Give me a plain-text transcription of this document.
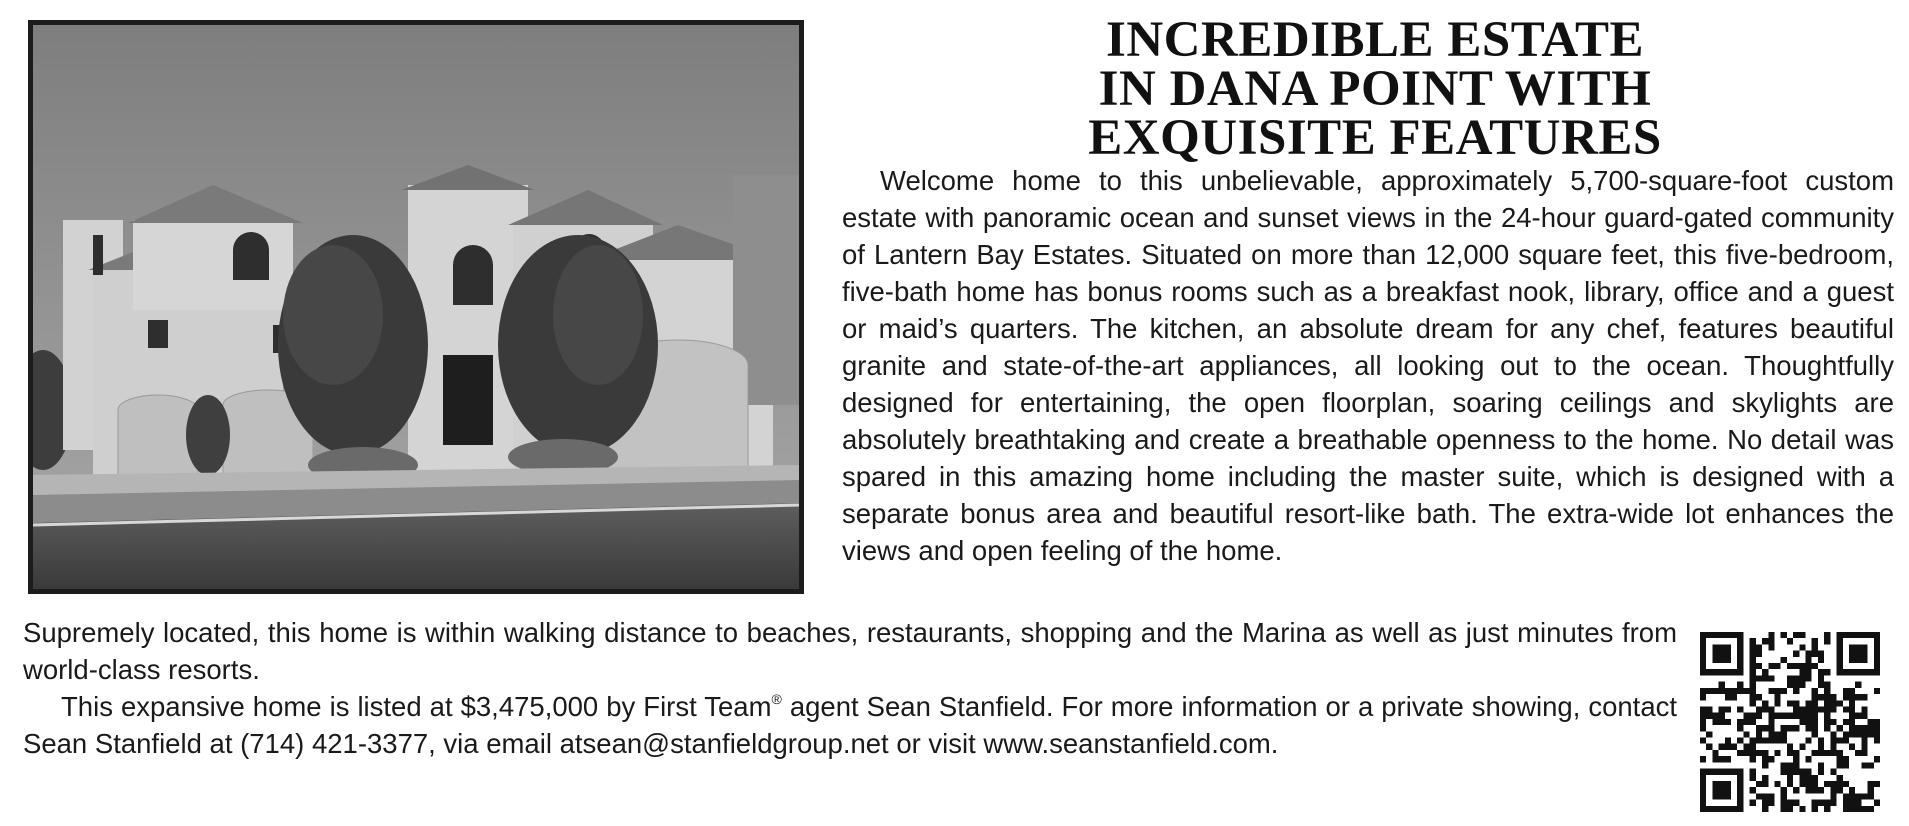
INCREDIBLE ESTATE
IN DANA POINT WITH
EXQUISITE FEATURES

Welcome home to this unbelievable, approximately 5,700-square-foot custom estate with panoramic ocean and sunset views in the 24-hour guard-gated community of Lantern Bay Estates. Situated on more than 12,000 square feet, this five-bedroom, five-bath home has bonus rooms such as a breakfast nook, library, office and a guest or maid’s quarters. The kitchen, an absolute dream for any chef, features beautiful granite and state-of-the-art appliances, all looking out to the ocean. Thoughtfully designed for entertaining, the open floorplan, soaring ceilings and skylights are absolutely breathtaking and create a breathable openness to the home. No detail was spared in this amazing home including the master suite, which is designed with a separate bonus area and beautiful resort-like bath. The extra-wide lot enhances the views and open feeling of the home.

Supremely located, this home is within walking distance to beaches, restaurants, shopping and the Marina as well as just minutes from world-class resorts.

This expansive home is listed at $3,475,000 by First Team® agent Sean Stanfield. For more information or a private showing, contact Sean Stanfield at (714) 421-3377, via email atsean@stanfieldgroup.net or visit www.seanstanfield.com.
